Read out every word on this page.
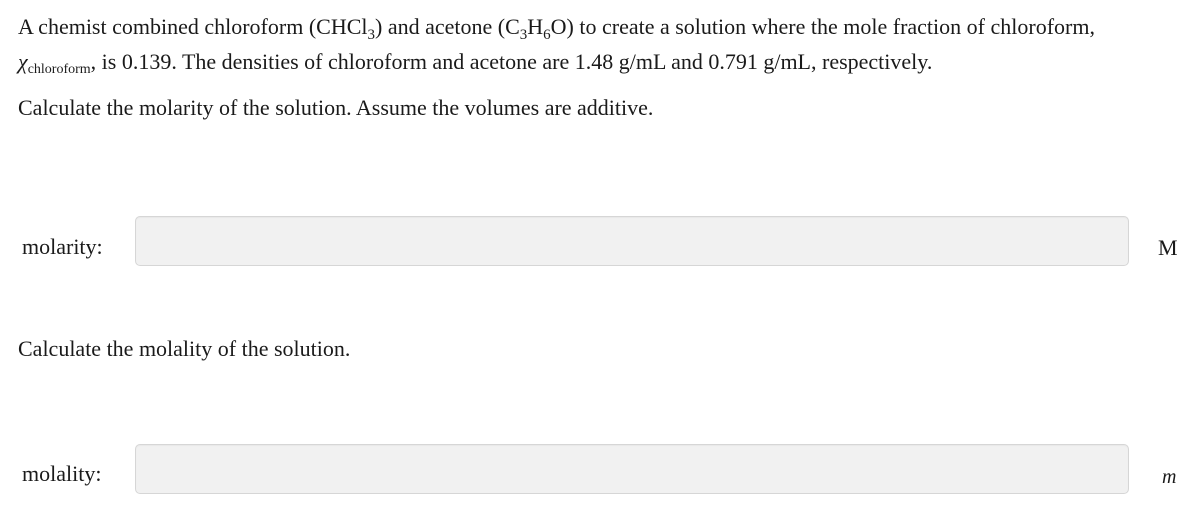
A chemist combined chloroform (CHCl$_3$) and acetone $(C_3H_6O)$ to create a solution where the mole fraction of chloroform,
χchloroform, is 0.139. The densities of chloroform and acetone are 1.48 g/mL and 0.791 g/mL, respectively.
Calculate the molarity of the solution. Assume the volumes are additive.
molarity:	M
Calculate the molality of the solution.
molality:	m
